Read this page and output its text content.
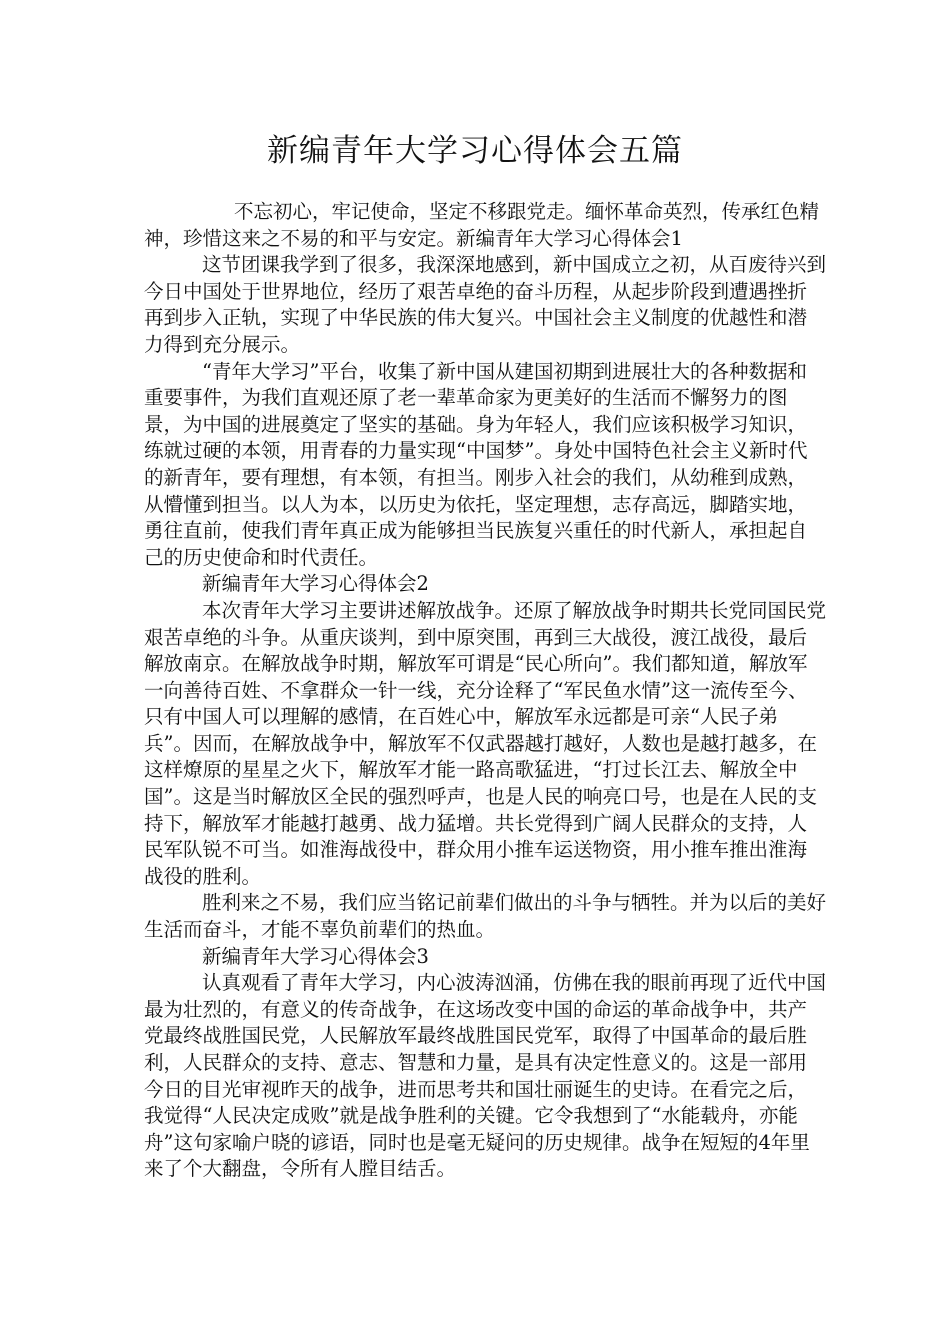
新编青年大学习心得体会五篇

不忘初心，牢记使命，坚定不移跟党走。缅怀革命英烈，传承红色精神，珍惜这来之不易的和平与安定。新编青年大学习心得体会1

这节团课我学到了很多，我深深地感到，新中国成立之初，从百废待兴到今日中国处于世界地位，经历了艰苦卓绝的奋斗历程，从起步阶段到遭遇挫折再到步入正轨，实现了中华民族的伟大复兴。中国社会主义制度的优越性和潜力得到充分展示。

“青年大学习”平台，收集了新中国从建国初期到进展壮大的各种数据和重要事件，为我们直观还原了老一辈革命家为更美好的生活而不懈努力的图景，为中国的进展奠定了坚实的基础。身为年轻人，我们应该积极学习知识，练就过硬的本领，用青春的力量实现“中国梦”。身处中国特色社会主义新时代的新青年，要有理想，有本领，有担当。刚步入社会的我们，从幼稚到成熟，从懵懂到担当。以人为本，以历史为依托，坚定理想，志存高远，脚踏实地，勇往直前，使我们青年真正成为能够担当民族复兴重任的时代新人，承担起自己的历史使命和时代责任。

新编青年大学习心得体会2

本次青年大学习主要讲述解放战争。还原了解放战争时期共长党同国民党艰苦卓绝的斗争。从重庆谈判，到中原突围，再到三大战役，渡江战役，最后解放南京。在解放战争时期，解放军可谓是“民心所向”。我们都知道，解放军一向善待百姓、不拿群众一针一线，充分诠释了“军民鱼水情”这一流传至今、只有中国人可以理解的感情，在百姓心中，解放军永远都是可亲“人民子弟兵”。因而，在解放战争中，解放军不仅武器越打越好，人数也是越打越多，在这样燎原的星星之火下，解放军才能一路高歌猛进，“打过长江去、解放全中国”。这是当时解放区全民的强烈呼声，也是人民的响亮口号，也是在人民的支持下，解放军才能越打越勇、战力猛增。共长党得到广阔人民群众的支持，人民军队锐不可当。如淮海战役中，群众用小推车运送物资，用小推车推出淮海战役的胜利。

胜利来之不易，我们应当铭记前辈们做出的斗争与牺牲。并为以后的美好生活而奋斗，才能不辜负前辈们的热血。

新编青年大学习心得体会3

认真观看了青年大学习，内心波涛汹涌，仿佛在我的眼前再现了近代中国最为壮烈的，有意义的传奇战争，在这场改变中国的命运的革命战争中，共产党最终战胜国民党，人民解放军最终战胜国民党军，取得了中国革命的最后胜利，人民群众的支持、意志、智慧和力量，是具有决定性意义的。这是一部用今日的目光审视昨天的战争，进而思考共和国壮丽诞生的史诗。在看完之后，我觉得“人民决定成败”就是战争胜利的关键。它令我想到了“水能载舟，亦能舟”这句家喻户晓的谚语，同时也是毫无疑问的历史规律。战争在短短的4年里来了个大翻盘，令所有人膛目结舌。
